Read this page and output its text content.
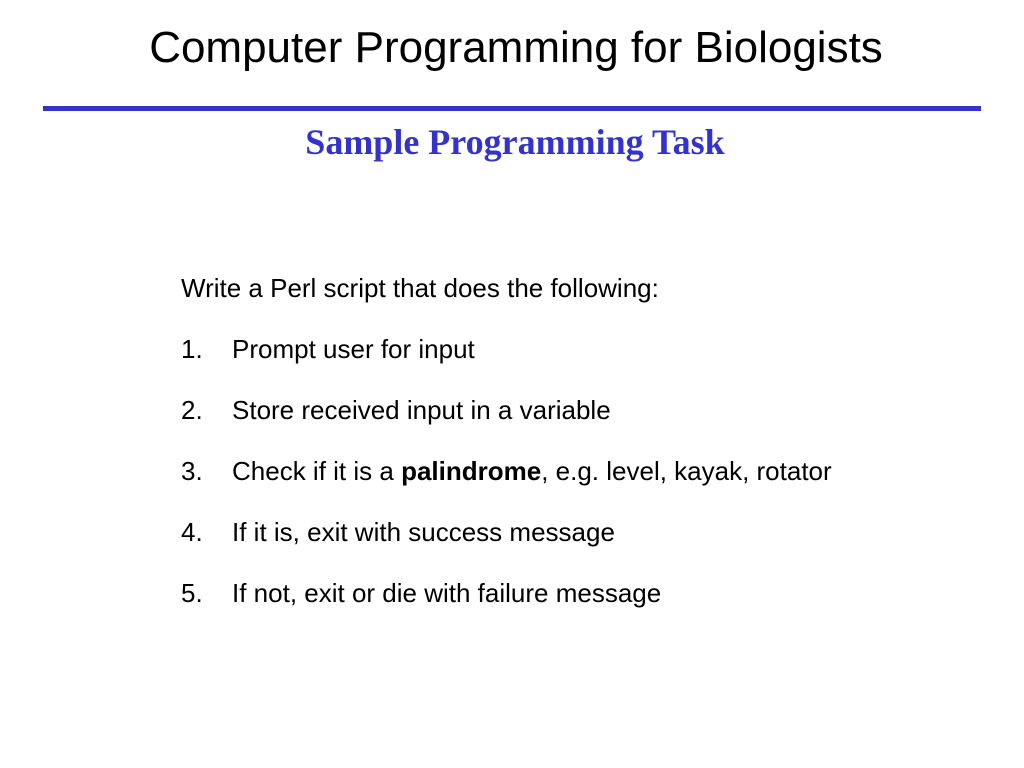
Computer Programming for Biologists
Sample Programming Task
Write a Perl script that does the following:
1. Prompt user for input
2. Store received input in a variable
3. Check if it is a palindrome, e.g. level, kayak, rotator
4. If it is, exit with success message
5. If not, exit or die with failure message
